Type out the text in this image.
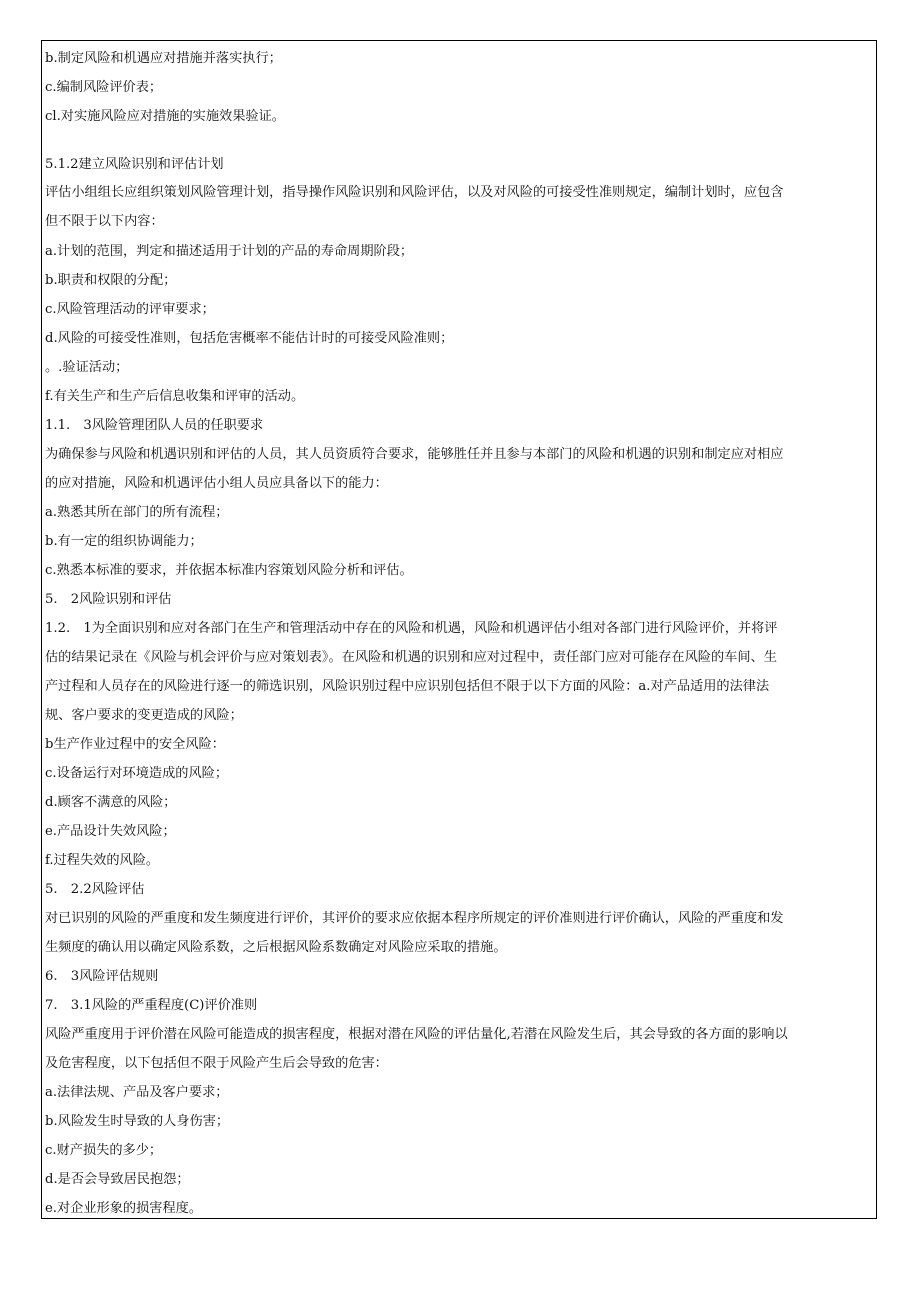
b.制定风险和机遇应对措施并落实执行；
c.编制风险评价表；
cl.对实施风险应对措施的实施效果验证。
5.1.2建立风险识别和评估计划
评估小组组长应组织策划风险管理计划，指导操作风险识别和风险评估，以及对风险的可接受性准则规定，编制计划时，应包含
但不限于以下内容：
a.计划的范围，判定和描述适用于计划的产品的寿命周期阶段；
b.职责和权限的分配；
c.风险管理活动的评审要求；
d.风险的可接受性准则，包括危害概率不能估计时的可接受风险准则；
。.验证活动；
f.有关生产和生产后信息收集和评审的活动。
1.1.　3风险管理团队人员的任职要求
为确保参与风险和机遇识别和评估的人员，其人员资质符合要求，能够胜任并且参与本部门的风险和机遇的识别和制定应对相应
的应对措施，风险和机遇评估小组人员应具备以下的能力：
a.熟悉其所在部门的所有流程；
b.有一定的组织协调能力；
c.熟悉本标准的要求，并依据本标准内容策划风险分析和评估。
5.　2风险识别和评估
1.2.　1为全面识别和应对各部门在生产和管理活动中存在的风险和机遇，风险和机遇评估小组对各部门进行风险评价，并将评
估的结果记录在《风险与机会评价与应对策划表》。在风险和机遇的识别和应对过程中，责任部门应对可能存在风险的车间、生
产过程和人员存在的风险进行逐一的筛选识别，风险识别过程中应识别包括但不限于以下方面的风险：a.对产品适用的法律法
规、客户要求的变更造成的风险；
b生产作业过程中的安全风险：
c.设备运行对环境造成的风险；
d.顾客不满意的风险；
e.产品设计失效风险；
f.过程失效的风险。
5.　2.2风险评估
对已识别的风险的严重度和发生频度进行评价，其评价的要求应依据本程序所规定的评价准则进行评价确认，风险的严重度和发
生频度的确认用以确定风险系数，之后根据风险系数确定对风险应采取的措施。
6.　3风险评估规则
7.　3.1风险的严重程度(C)评价准则
风险严重度用于评价潜在风险可能造成的损害程度，根据对潜在风险的评估量化,若潜在风险发生后，其会导致的各方面的影响以
及危害程度，以下包括但不限于风险产生后会导致的危害：
a.法律法规、产品及客户要求；
b.风险发生时导致的人身伤害；
c.财产损失的多少；
d.是否会导致居民抱怨；
e.对企业形象的损害程度。
